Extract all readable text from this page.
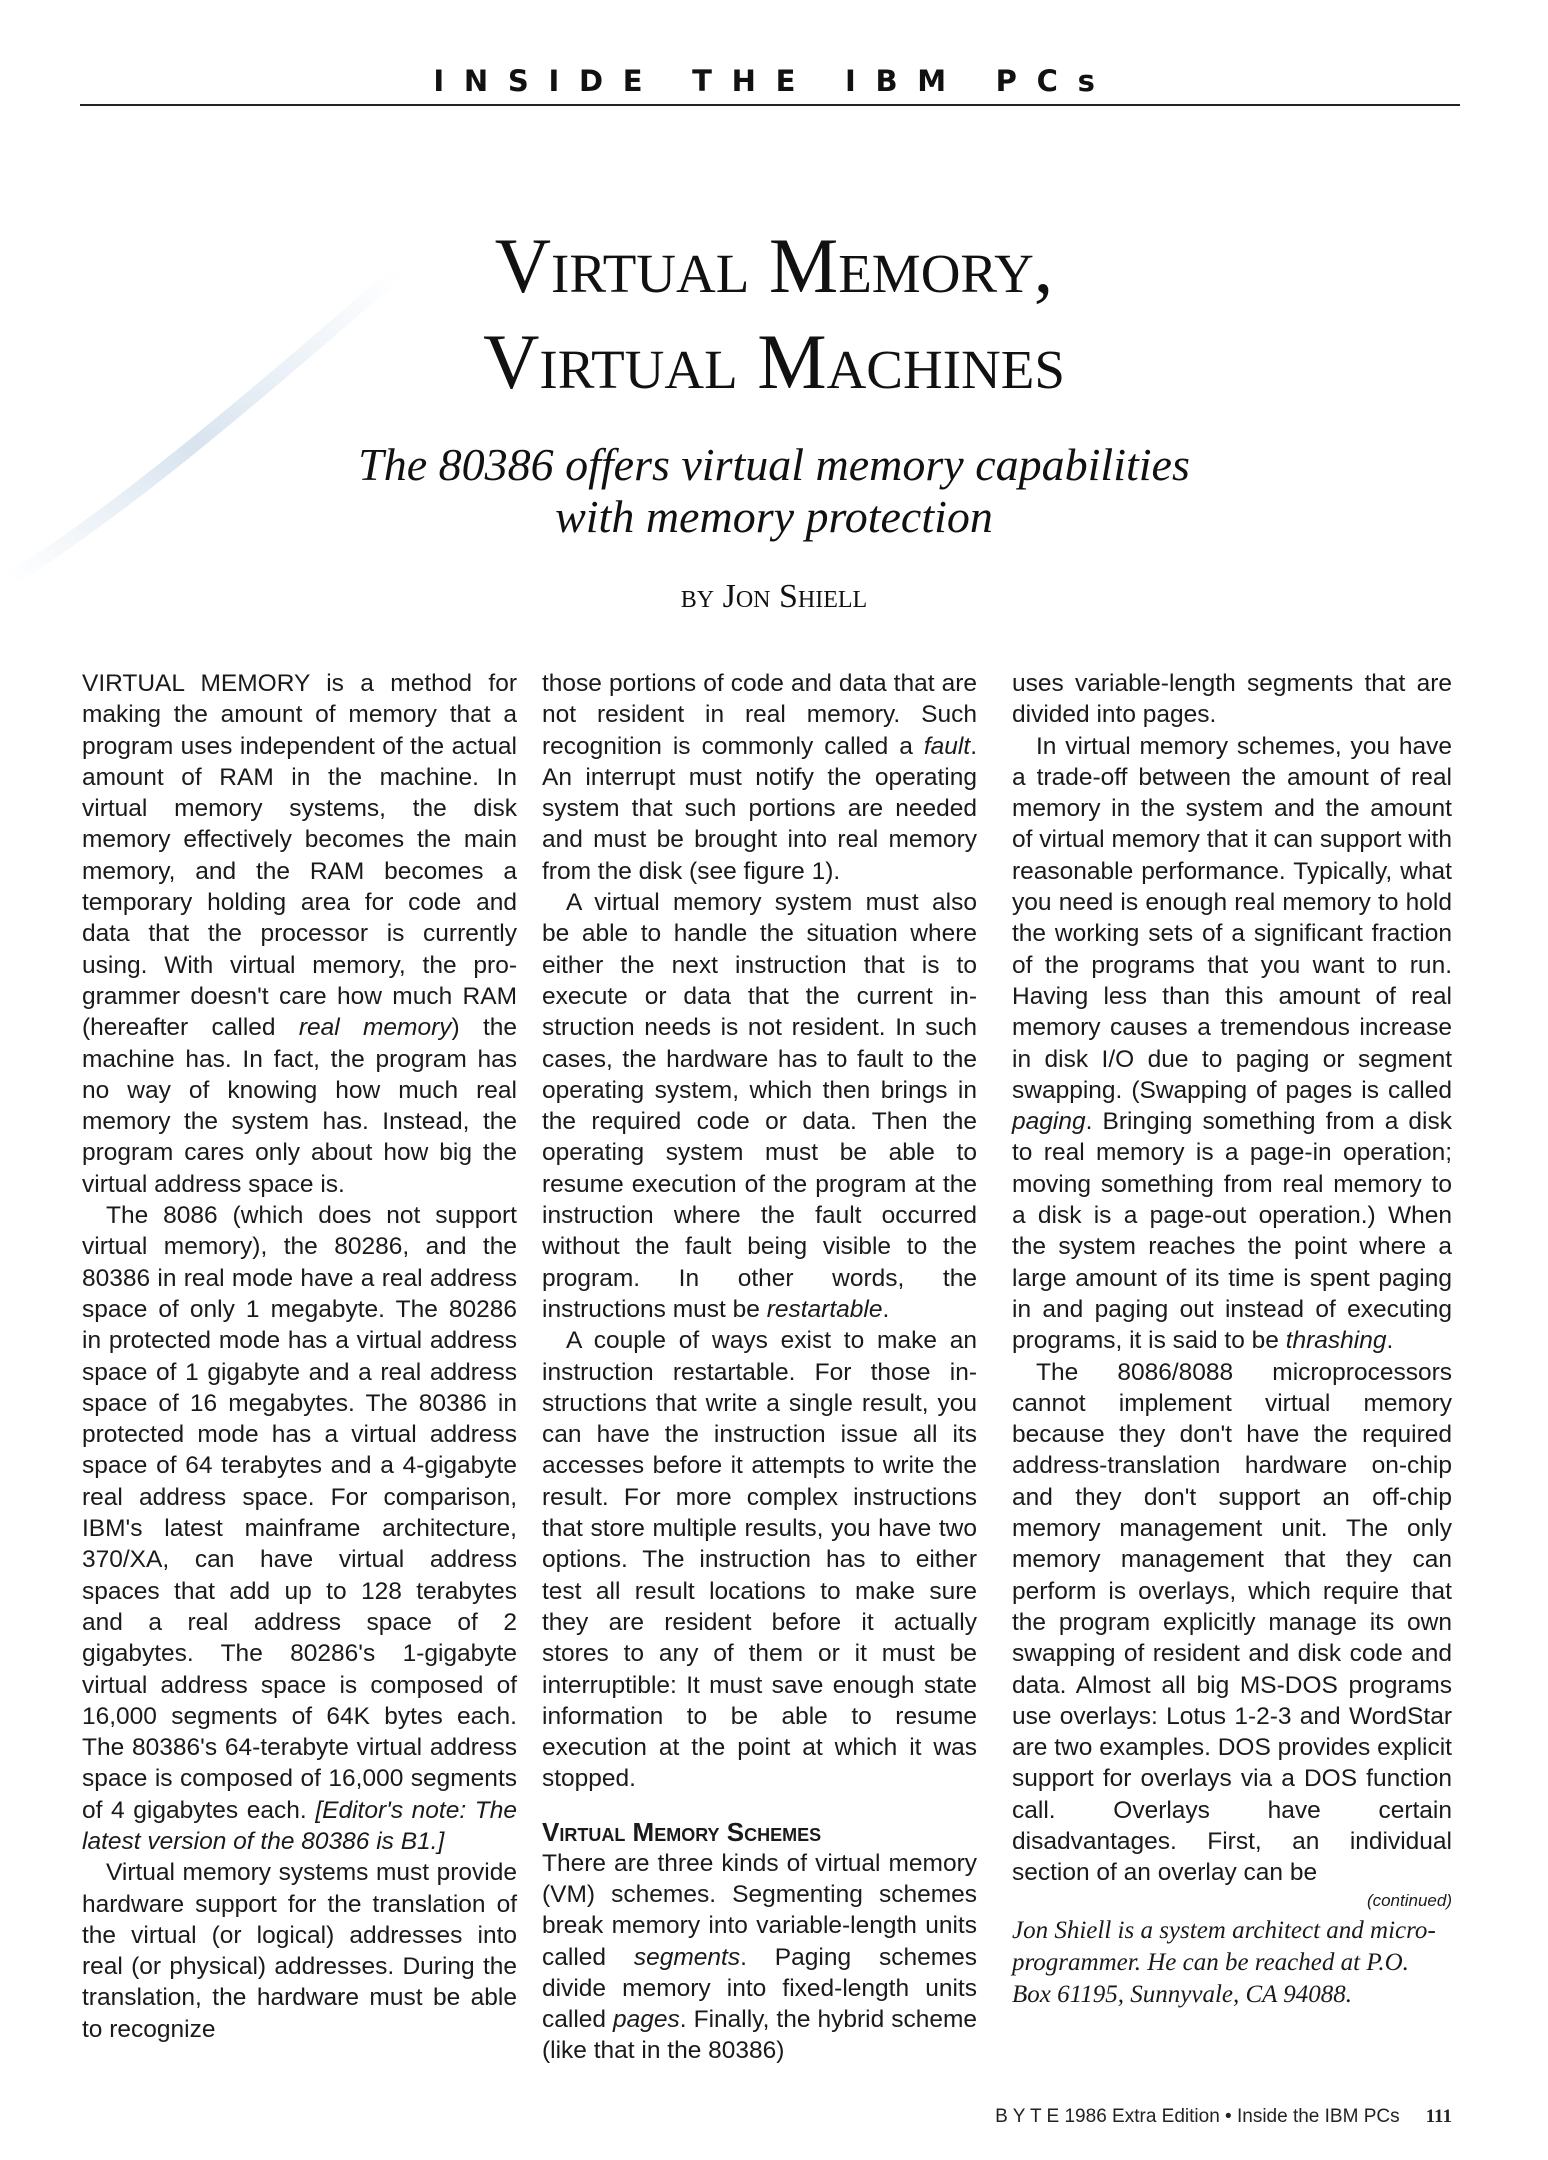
INSIDE THE IBM PCs
Virtual Memory,
Virtual Machines
The 80386 offers virtual memory capabilities
with memory protection
by Jon Shiell

VIRTUAL MEMORY is a method for making the amount of memory that a program uses independent of the actual amount of RAM in the machine. In virtual memory systems, the disk memory effectively becomes the main memory, and the RAM becomes a temporary holding area for code and data that the processor is currently using. With virtual memory, the programmer doesn't care how much RAM (hereafter called real memory) the machine has. In fact, the program has no way of knowing how much real memory the system has. Instead, the program cares only about how big the virtual address space is.

The 8086 (which does not support virtual memory), the 80286, and the 80386 in real mode have a real address space of only 1 megabyte. The 80286 in protected mode has a virtual address space of 1 gigabyte and a real address space of 16 megabytes. The 80386 in protected mode has a virtual address space of 64 terabytes and a 4-gigabyte real address space. For comparison, IBM's latest mainframe architecture, 370/XA, can have virtual address spaces that add up to 128 terabytes and a real address space of 2 gigabytes. The 80286's 1-gigabyte virtual address space is composed of 16,000 segments of 64K bytes each. The 80386's 64-terabyte virtual address space is composed of 16,000 segments of 4 gigabytes each. [Editor's note: The latest version of the 80386 is B1.]

Virtual memory systems must provide hardware support for the translation of the virtual (or logical) addresses into real (or physical) addresses. During the translation, the hardware must be able to recognize

those portions of code and data that are not resident in real memory. Such recognition is commonly called a fault. An interrupt must notify the operating system that such portions are needed and must be brought into real memory from the disk (see figure 1).

A virtual memory system must also be able to handle the situation where either the next instruction that is to execute or data that the current instruction needs is not resident. In such cases, the hardware has to fault to the operating system, which then brings in the required code or data. Then the operating system must be able to resume execution of the program at the instruction where the fault occurred without the fault being visible to the program. In other words, the instructions must be restartable.

A couple of ways exist to make an instruction restartable. For those instructions that write a single result, you can have the instruction issue all its accesses before it attempts to write the result. For more complex instructions that store multiple results, you have two options. The instruction has to either test all result locations to make sure they are resident before it actually stores to any of them or it must be interruptible: It must save enough state information to be able to resume execution at the point at which it was stopped.

Virtual Memory Schemes

There are three kinds of virtual memory (VM) schemes. Segmenting schemes break memory into variable-length units called segments. Paging schemes divide memory into fixed-length units called pages. Finally, the hybrid scheme (like that in the 80386)

uses variable-length segments that are divided into pages.

In virtual memory schemes, you have a trade-off between the amount of real memory in the system and the amount of virtual memory that it can support with reasonable performance. Typically, what you need is enough real memory to hold the working sets of a significant fraction of the programs that you want to run. Having less than this amount of real memory causes a tremendous increase in disk I/O due to paging or segment swapping. (Swapping of pages is called paging. Bringing something from a disk to real memory is a page-in operation; moving something from real memory to a disk is a page-out operation.) When the system reaches the point where a large amount of its time is spent paging in and paging out instead of executing programs, it is said to be thrashing.

The 8086/8088 microprocessors cannot implement virtual memory because they don't have the required address-translation hardware on-chip and they don't support an off-chip memory management unit. The only memory management that they can perform is overlays, which require that the program explicitly manage its own swapping of resident and disk code and data. Almost all big MS-DOS programs use overlays: Lotus 1-2-3 and WordStar are two examples. DOS provides explicit support for overlays via a DOS function call. Overlays have certain disadvantages. First, an individual section of an overlay can be

(continued)

Jon Shiell is a system architect and microprogrammer. He can be reached at P.O. Box 61195, Sunnyvale, CA 94088.

B Y T E 1986 Extra Edition • Inside the IBM PCs 111
